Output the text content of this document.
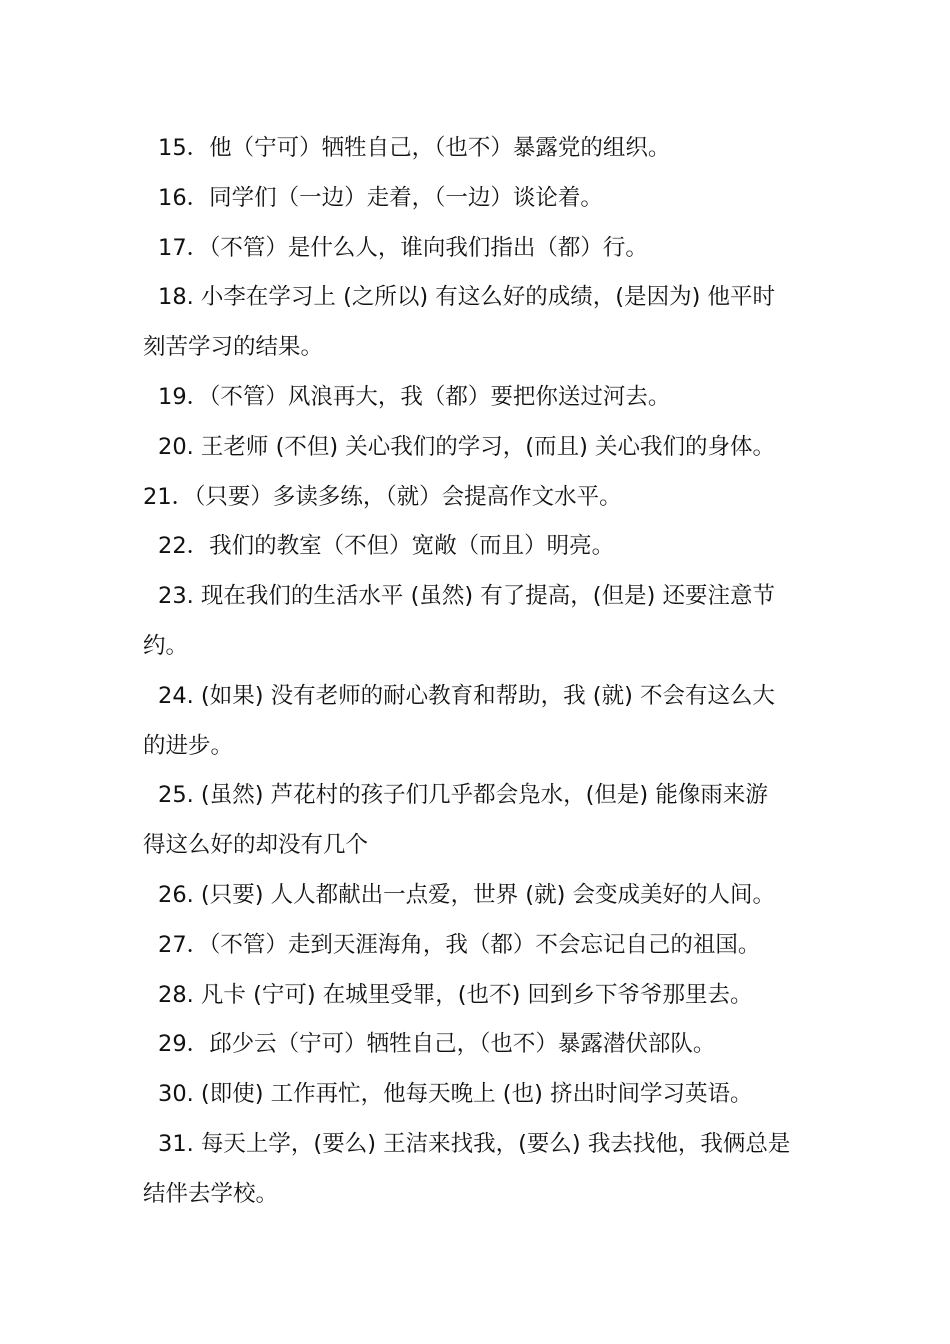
15．他（宁可）牺牲自己，（也不）暴露党的组织。

16．同学们（一边）走着，（一边）谈论着。

17．（不管）是什么人，谁向我们指出（都）行。

18. 小李在学习上 (之所以) 有这么好的成绩，(是因为) 他平时
刻苦学习的结果。

19．（不管）风浪再大，我（都）要把你送过河去。

20. 王老师 (不但) 关心我们的学习，(而且) 关心我们的身体。

21．（只要）多读多练，（就）会提高作文水平。

22．我们的教室（不但）宽敞（而且）明亮。

23. 现在我们的生活水平 (虽然) 有了提高，(但是) 还要注意节
约。

24. (如果) 没有老师的耐心教育和帮助，我 (就) 不会有这么大
的进步。

25. (虽然) 芦花村的孩子们几乎都会凫水，(但是) 能像雨来游
得这么好的却没有几个

26. (只要) 人人都献出一点爱，世界 (就) 会变成美好的人间。

27．（不管）走到天涯海角，我（都）不会忘记自己的祖国。

28. 凡卡 (宁可) 在城里受罪，(也不) 回到乡下爷爷那里去。

29．邱少云（宁可）牺牲自己，（也不）暴露潜伏部队。

30. (即使) 工作再忙，他每天晚上 (也) 挤出时间学习英语。

31. 每天上学，(要么) 王洁来找我，(要么) 我去找他，我俩总是
结伴去学校。
